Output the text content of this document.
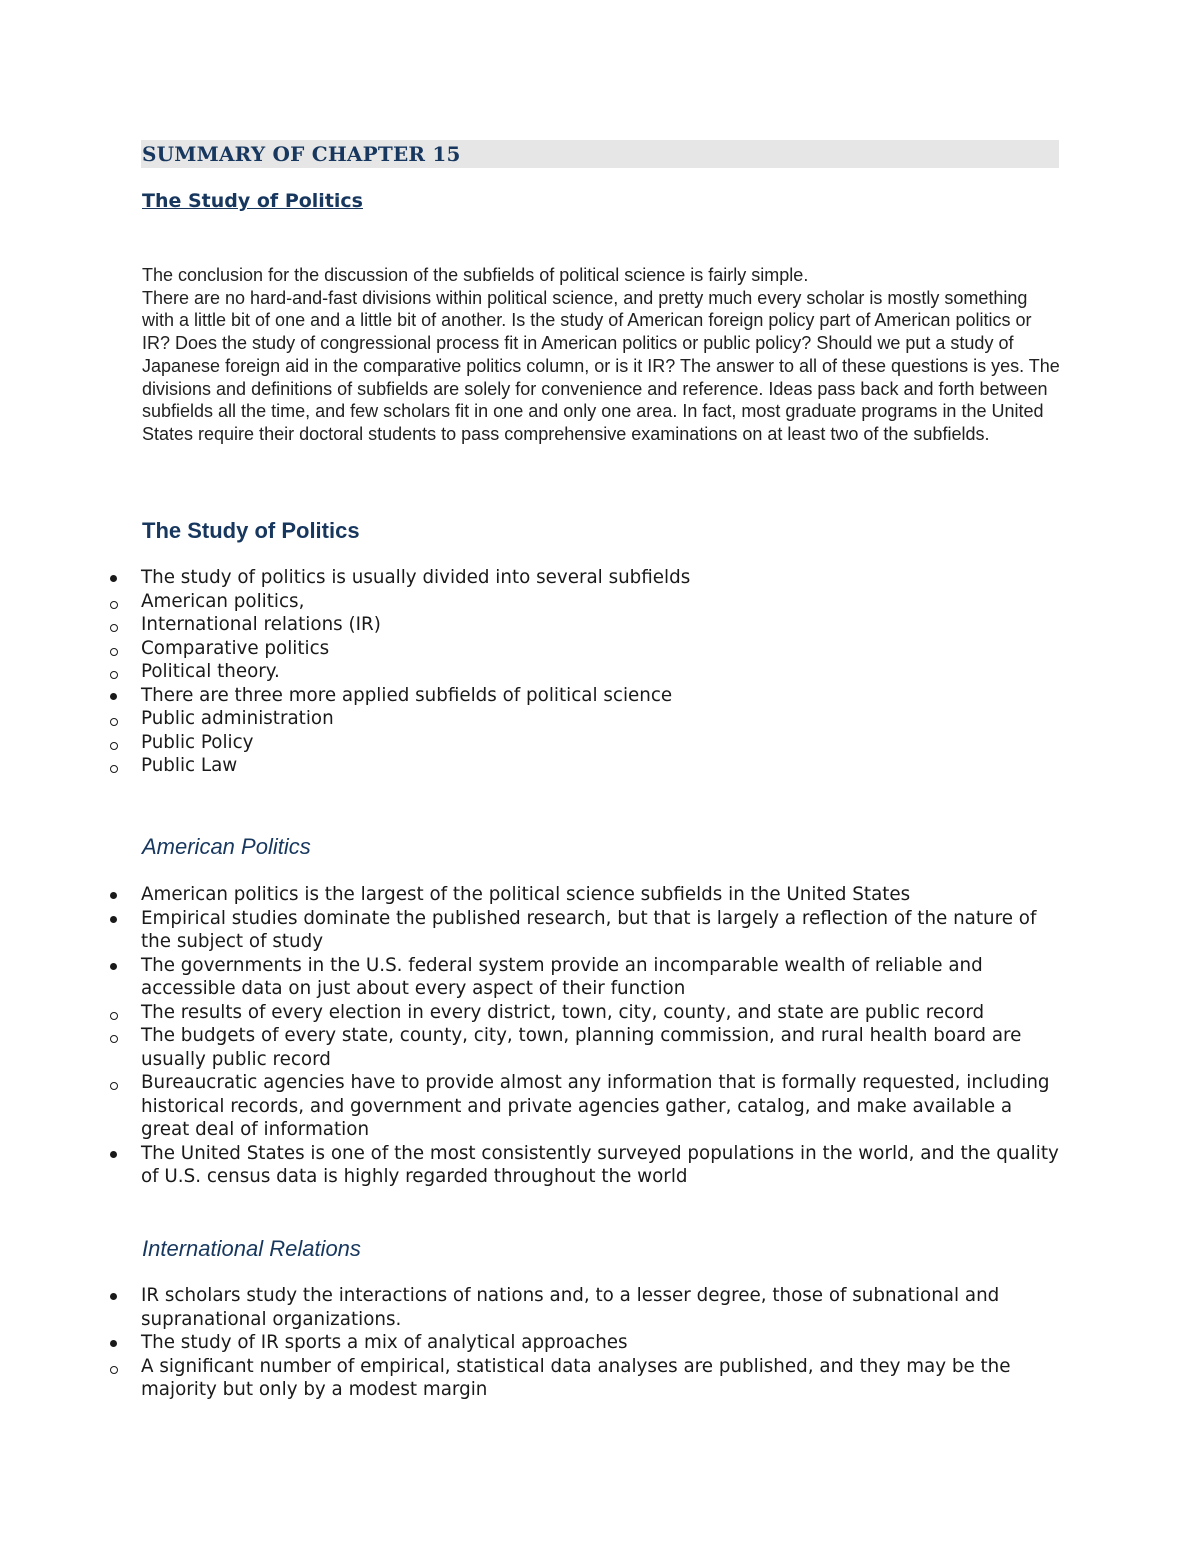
SUMMARY OF CHAPTER 15
The Study of Politics

The conclusion for the discussion of the subfields of political science is fairly simple.

There are no hard-and-fast divisions within political science, and pretty much every scholar is mostly something with a little bit of one and a little bit of another. Is the study of American foreign policy part of American politics or IR? Does the study of congressional process fit in American politics or public policy? Should we put a study of Japanese foreign aid in the comparative politics column, or is it IR? The answer to all of these questions is yes. The divisions and definitions of subfields are solely for convenience and reference. Ideas pass back and forth between subfields all the time, and few scholars fit in one and only one area. In fact, most graduate programs in the United States require their doctoral students to pass comprehensive examinations on at least two of the subfields.

The Study of Politics
The study of politics is usually divided into several subfields
American politics,
International relations (IR)
Comparative politics
Political theory.
There are three more applied subfields of political science
Public administration
Public Policy
Public Law
American Politics
American politics is the largest of the political science subfields in the United States
Empirical studies dominate the published research, but that is largely a reflection of the nature of the subject of study
The governments in the U.S. federal system provide an incomparable wealth of reliable and accessible data on just about every aspect of their function
The results of every election in every district, town, city, county, and state are public record
The budgets of every state, county, city, town, planning commission, and rural health board are usually public record
Bureaucratic agencies have to provide almost any information that is formally requested, including historical records, and government and private agencies gather, catalog, and make available a great deal of information
The United States is one of the most consistently surveyed populations in the world, and the quality of U.S. census data is highly regarded throughout the world
International Relations
IR scholars study the interactions of nations and, to a lesser degree, those of subnational and supranational organizations.
The study of IR sports a mix of analytical approaches
A significant number of empirical, statistical data analyses are published, and they may be the majority but only by a modest margin
